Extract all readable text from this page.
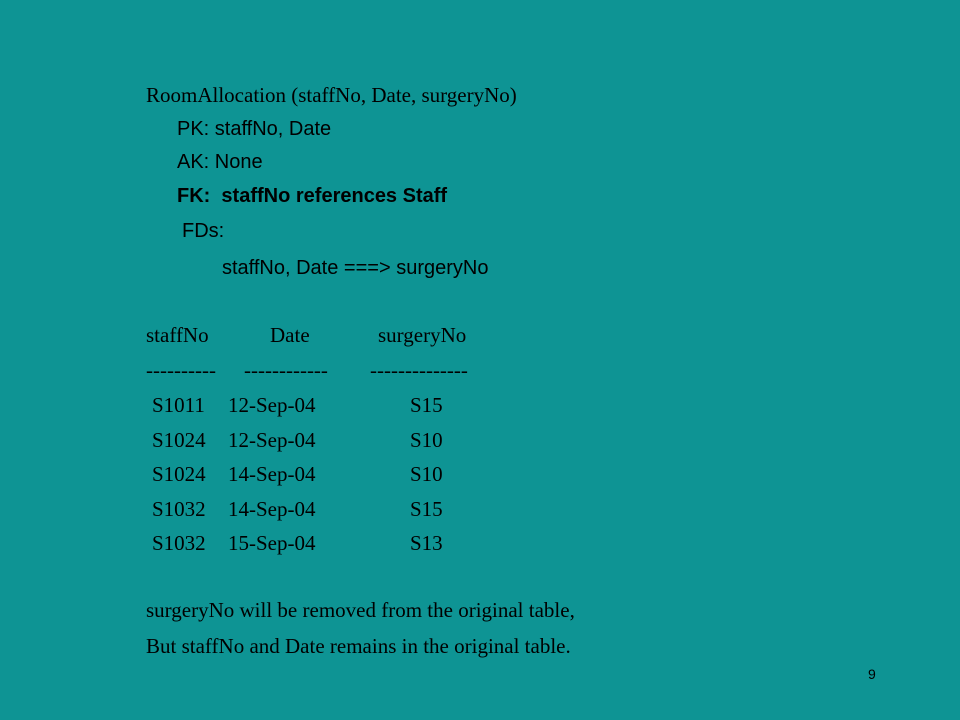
RoomAllocation (staffNo, Date, surgeryNo)
PK: staffNo, Date
AK: None
FK:  staffNo references Staff
FDs:
staffNo, Date ===> surgeryNo
staffNo	Date	surgeryNo
---------- ------------ --------------
S1011 12-Sep-04	S15
S1024 12-Sep-04	S10
S1024 14-Sep-04	S10
S1032 14-Sep-04	S15
S1032 15-Sep-04	S13
surgeryNo will be removed from the original table,
But staffNo and Date remains in the original table.
9
